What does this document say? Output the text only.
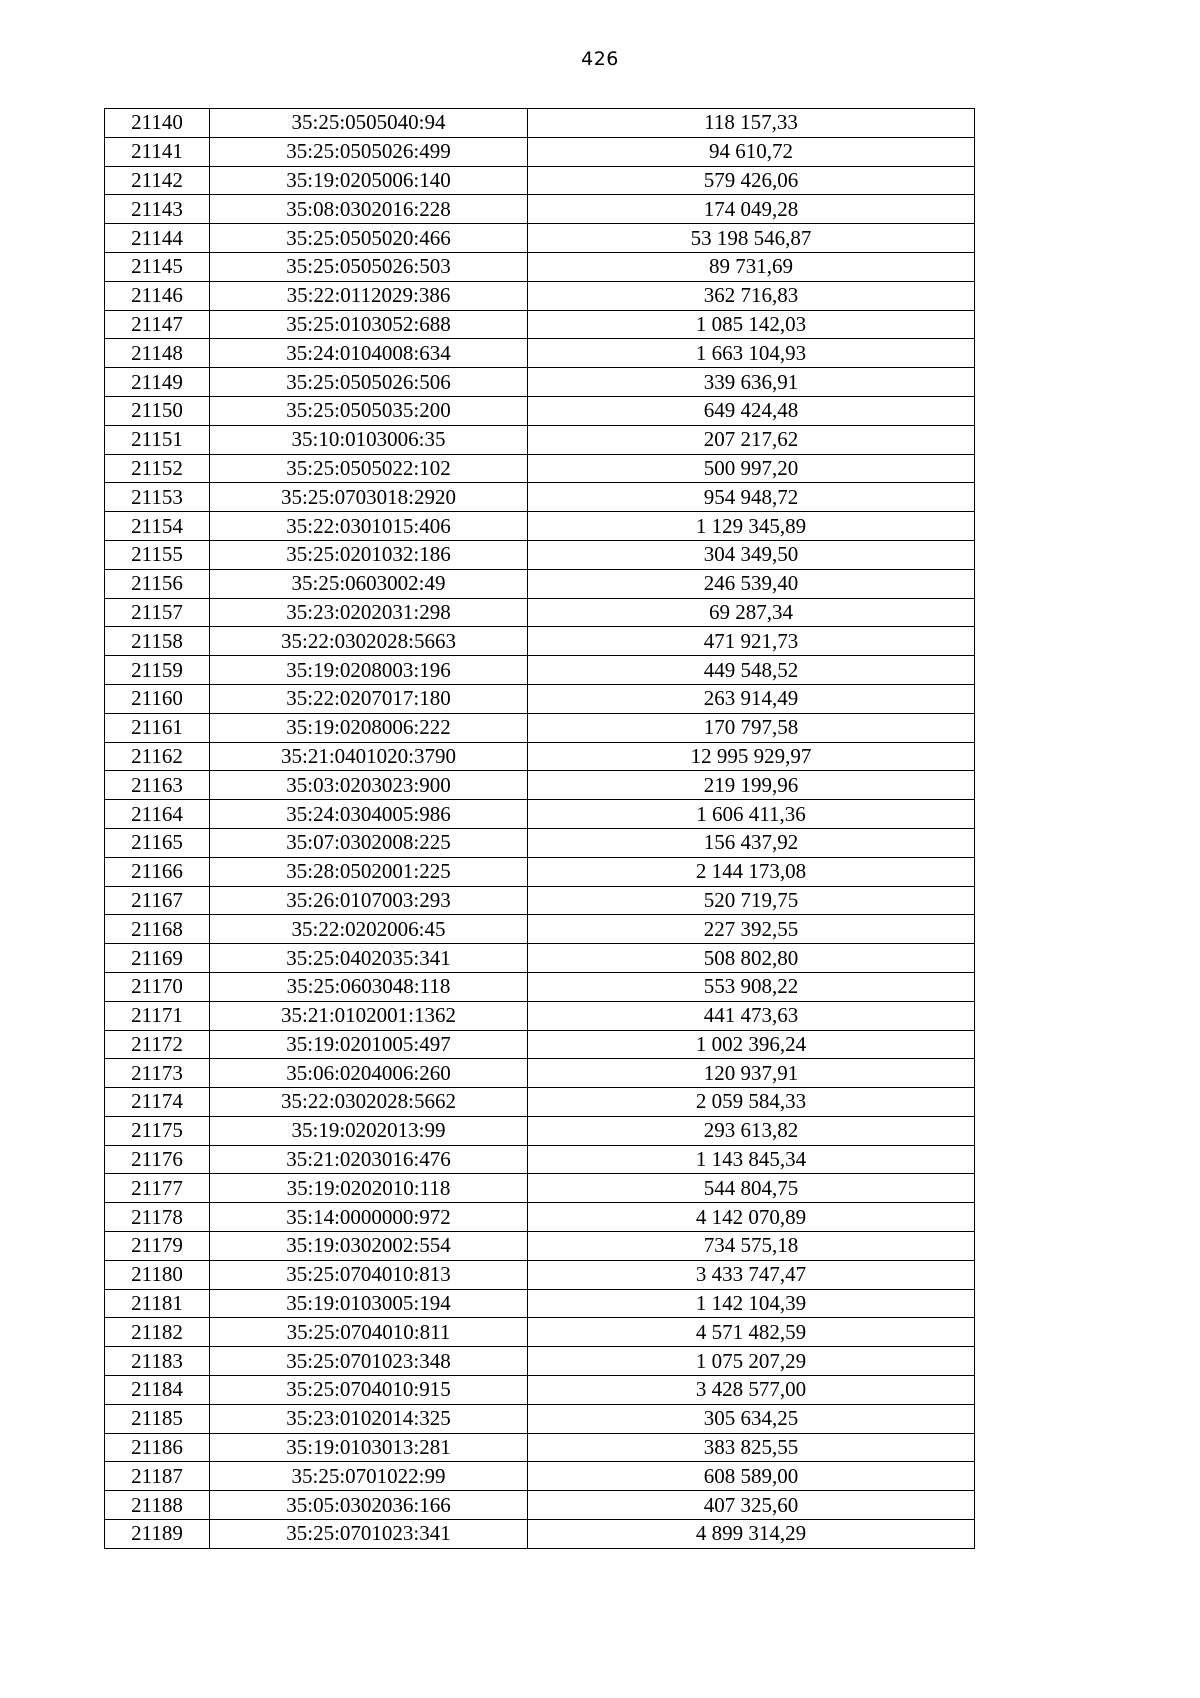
426
21140	35:25:0505040:94	118 157,33
21141	35:25:0505026:499	94 610,72
21142	35:19:0205006:140	579 426,06
21143	35:08:0302016:228	174 049,28
21144	35:25:0505020:466	53 198 546,87
21145	35:25:0505026:503	89 731,69
21146	35:22:0112029:386	362 716,83
21147	35:25:0103052:688	1 085 142,03
21148	35:24:0104008:634	1 663 104,93
21149	35:25:0505026:506	339 636,91
21150	35:25:0505035:200	649 424,48
21151	35:10:0103006:35	207 217,62
21152	35:25:0505022:102	500 997,20
21153	35:25:0703018:2920	954 948,72
21154	35:22:0301015:406	1 129 345,89
21155	35:25:0201032:186	304 349,50
21156	35:25:0603002:49	246 539,40
21157	35:23:0202031:298	69 287,34
21158	35:22:0302028:5663	471 921,73
21159	35:19:0208003:196	449 548,52
21160	35:22:0207017:180	263 914,49
21161	35:19:0208006:222	170 797,58
21162	35:21:0401020:3790	12 995 929,97
21163	35:03:0203023:900	219 199,96
21164	35:24:0304005:986	1 606 411,36
21165	35:07:0302008:225	156 437,92
21166	35:28:0502001:225	2 144 173,08
21167	35:26:0107003:293	520 719,75
21168	35:22:0202006:45	227 392,55
21169	35:25:0402035:341	508 802,80
21170	35:25:0603048:118	553 908,22
21171	35:21:0102001:1362	441 473,63
21172	35:19:0201005:497	1 002 396,24
21173	35:06:0204006:260	120 937,91
21174	35:22:0302028:5662	2 059 584,33
21175	35:19:0202013:99	293 613,82
21176	35:21:0203016:476	1 143 845,34
21177	35:19:0202010:118	544 804,75
21178	35:14:0000000:972	4 142 070,89
21179	35:19:0302002:554	734 575,18
21180	35:25:0704010:813	3 433 747,47
21181	35:19:0103005:194	1 142 104,39
21182	35:25:0704010:811	4 571 482,59
21183	35:25:0701023:348	1 075 207,29
21184	35:25:0704010:915	3 428 577,00
21185	35:23:0102014:325	305 634,25
21186	35:19:0103013:281	383 825,55
21187	35:25:0701022:99	608 589,00
21188	35:05:0302036:166	407 325,60
21189	35:25:0701023:341	4 899 314,29
